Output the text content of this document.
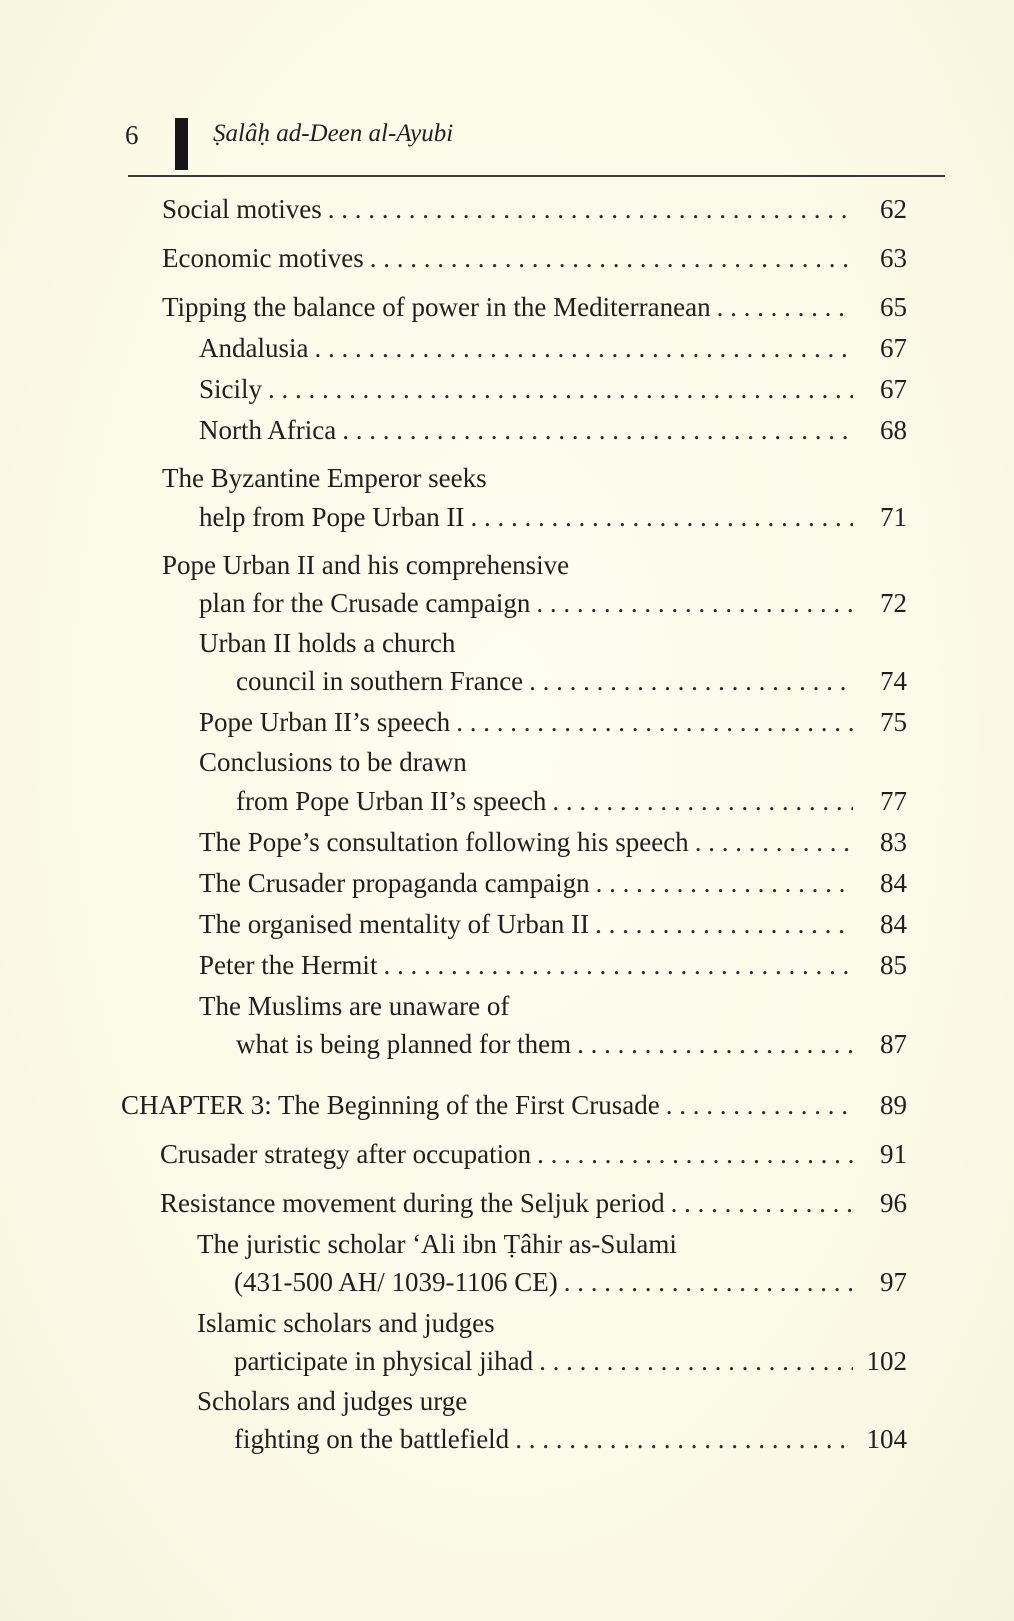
6	Ṣalâḥ ad-Deen al-Ayubi
Social motives . . .	62
Economic motives . . .	63
Tipping the balance of power in the Mediterranean . . .	65
Andalusia . . .	67
Sicily . . .	67
North Africa . . .	68
The Byzantine Emperor seeks
help from Pope Urban II . . .	71
Pope Urban II and his comprehensive
plan for the Crusade campaign . . .	72
Urban II holds a church
council in southern France . . .	74
Pope Urban II’s speech . . .	75
Conclusions to be drawn
from Pope Urban II’s speech . . .	77
The Pope’s consultation following his speech . . .	83
The Crusader propaganda campaign . . .	84
The organised mentality of Urban II . . .	84
Peter the Hermit . . .	85
The Muslims are unaware of
what is being planned for them . . .	87
CHAPTER 3: The Beginning of the First Crusade . . .	89
Crusader strategy after occupation . . .	91
Resistance movement during the Seljuk period . . .	96
The juristic scholar ‘Ali ibn Ṭâhir as-Sulami
(431-500 AH/ 1039-1106 CE) . . .	97
Islamic scholars and judges
participate in physical jihad . . .	102
Scholars and judges urge
fighting on the battlefield . . .	104
